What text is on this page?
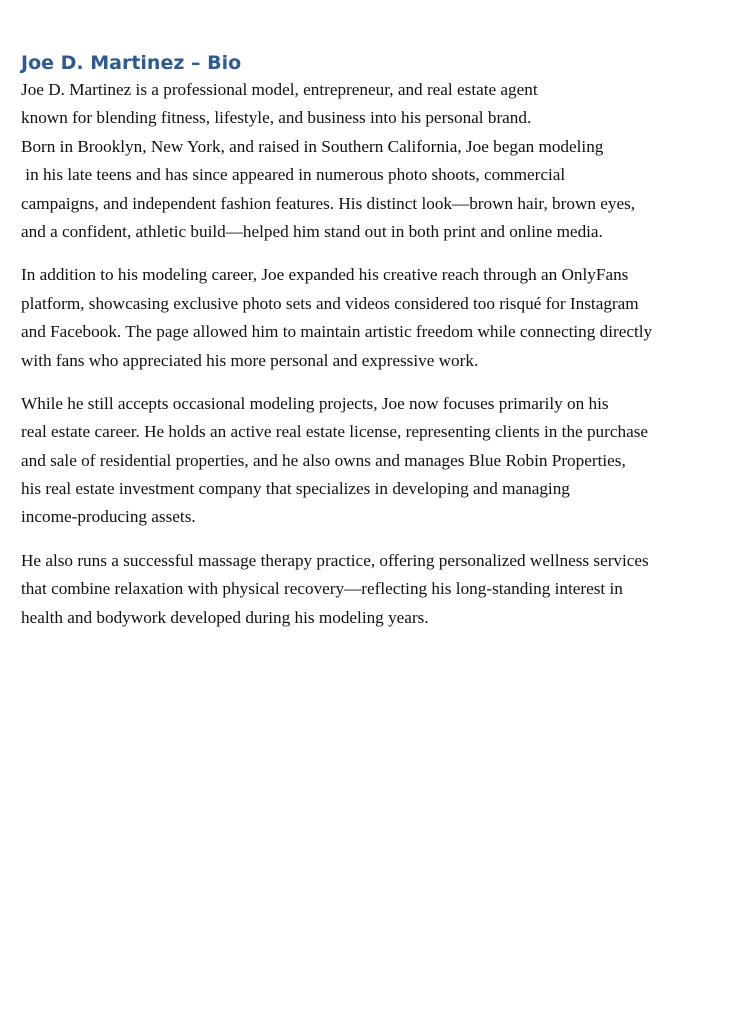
Joe D. Martinez – Bio

Joe D. Martinez is a professional model, entrepreneur, and real estate agent
known for blending fitness, lifestyle, and business into his personal brand.
Born in Brooklyn, New York, and raised in Southern California, Joe began modeling
in his late teens and has since appeared in numerous photo shoots, commercial
campaigns, and independent fashion features. His distinct look—brown hair, brown eyes,
and a confident, athletic build—helped him stand out in both print and online media.

In addition to his modeling career, Joe expanded his creative reach through an OnlyFans
platform, showcasing exclusive photo sets and videos considered too risqué for Instagram
and Facebook. The page allowed him to maintain artistic freedom while connecting directly
with fans who appreciated his more personal and expressive work.

While he still accepts occasional modeling projects, Joe now focuses primarily on his
real estate career. He holds an active real estate license, representing clients in the purchase
and sale of residential properties, and he also owns and manages Blue Robin Properties,
his real estate investment company that specializes in developing and managing
income-producing assets.

He also runs a successful massage therapy practice, offering personalized wellness services
that combine relaxation with physical recovery—reflecting his long-standing interest in
health and bodywork developed during his modeling years.
